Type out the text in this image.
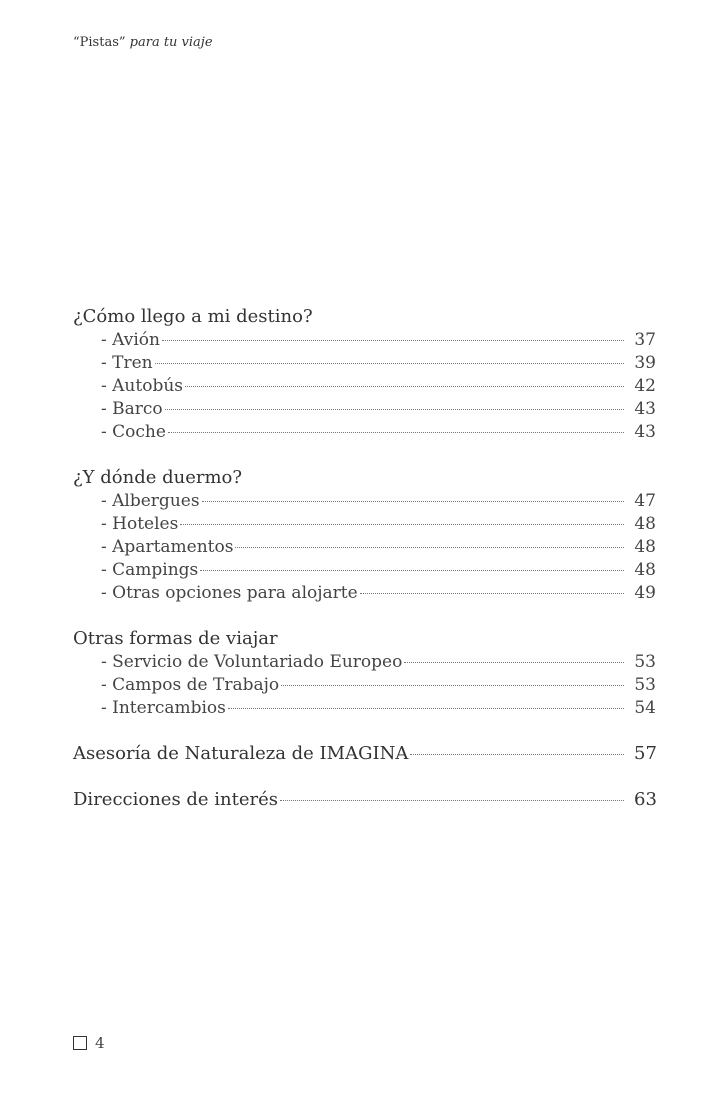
“Pistas” para tu viaje
¿Cómo llego a mi destino?
- Avión	37
- Tren	39
- Autobús	42
- Barco	43
- Coche	43
¿Y dónde duermo?
- Albergues	47
- Hoteles	48
- Apartamentos	48
- Campings	48
- Otras opciones para alojarte	49
Otras formas de viajar
- Servicio de Voluntariado Europeo	53
- Campos de Trabajo	53
- Intercambios	54
Asesoría de Naturaleza de IMAGINA	57
Direcciones de interés	63
4
